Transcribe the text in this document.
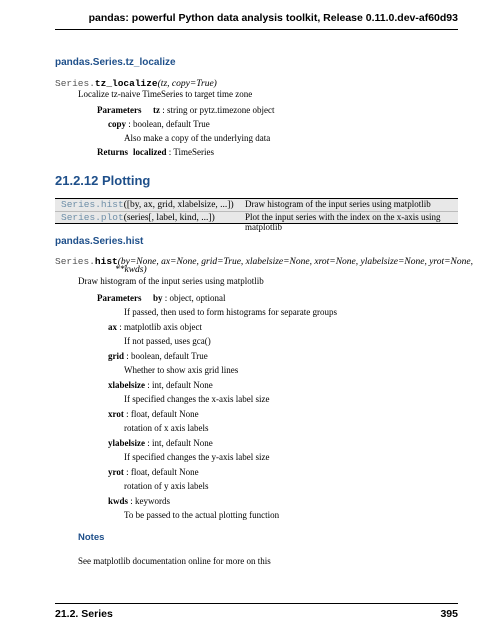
pandas: powerful Python data analysis toolkit, Release 0.11.0.dev-af60d93
pandas.Series.tz_localize
Series.tz_localize(tz, copy=True)
Localize tz-naive TimeSeries to target time zone
Parameters tz : string or pytz.timezone object
copy : boolean, default True
Also make a copy of the underlying data
Returns localized : TimeSeries
21.2.12 Plotting
Series.hist([by, ax, grid, xlabelsize, ...]) Draw histogram of the input series using matplotlib
Series.plot(series[, label, kind, ...])	Plot the input series with the index on the x-axis using matplotlib
pandas.Series.hist
Series.hist(by=None, ax=None, grid=True, xlabelsize=None, xrot=None, ylabelsize=None, yrot=None,
**kwds)
Draw histogram of the input series using matplotlib
Parameters by : object, optional
If passed, then used to form histograms for separate groups
ax : matplotlib axis object
If not passed, uses gca()
grid : boolean, default True
Whether to show axis grid lines
xlabelsize : int, default None
If specified changes the x-axis label size
xrot : float, default None
rotation of x axis labels
ylabelsize : int, default None
If specified changes the y-axis label size
yrot : float, default None
rotation of y axis labels
kwds : keywords
To be passed to the actual plotting function
Notes
See matplotlib documentation online for more on this
21.2. Series	395
